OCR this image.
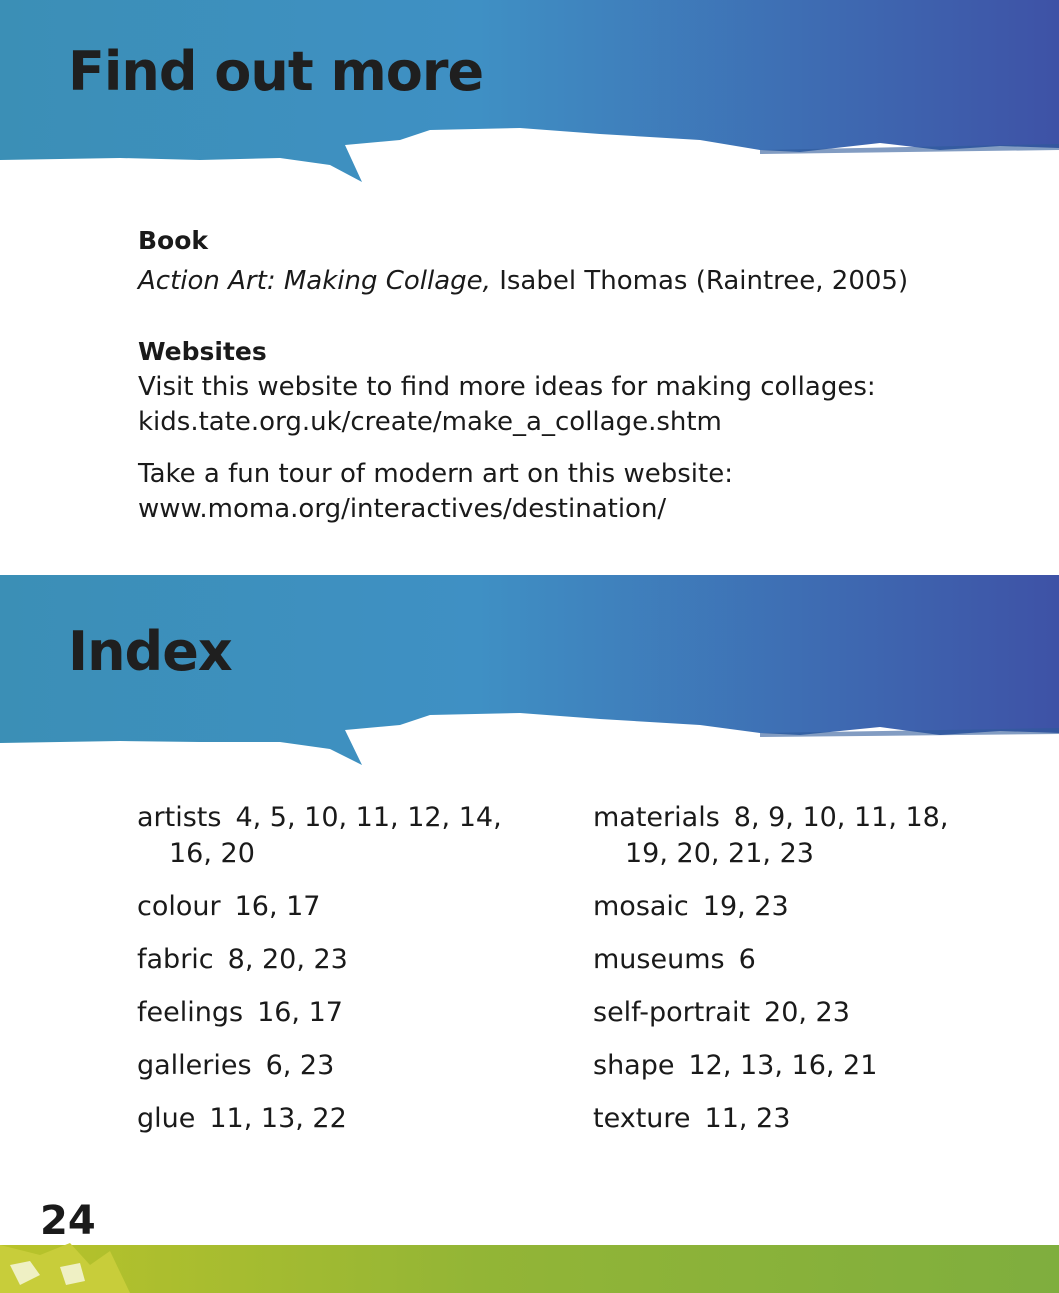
Find out more
Book
Action Art: Making Collage, Isabel Thomas (Raintree, 2005)
Websites
Visit this website to find more ideas for making collages:
kids.tate.org.uk/create/make_a_collage.shtm
Take a fun tour of modern art on this website:
www.moma.org/interactives/destination/
Index
artists 4, 5, 10, 11, 12, 14, 16, 20
colour 16, 17
fabric 8, 20, 23
feelings 16, 17
galleries 6, 23
glue 11, 13, 22
materials 8, 9, 10, 11, 18, 19, 20, 21, 23
mosaic 19, 23
museums 6
self-portrait 20, 23
shape 12, 13, 16, 21
texture 11, 23
24
